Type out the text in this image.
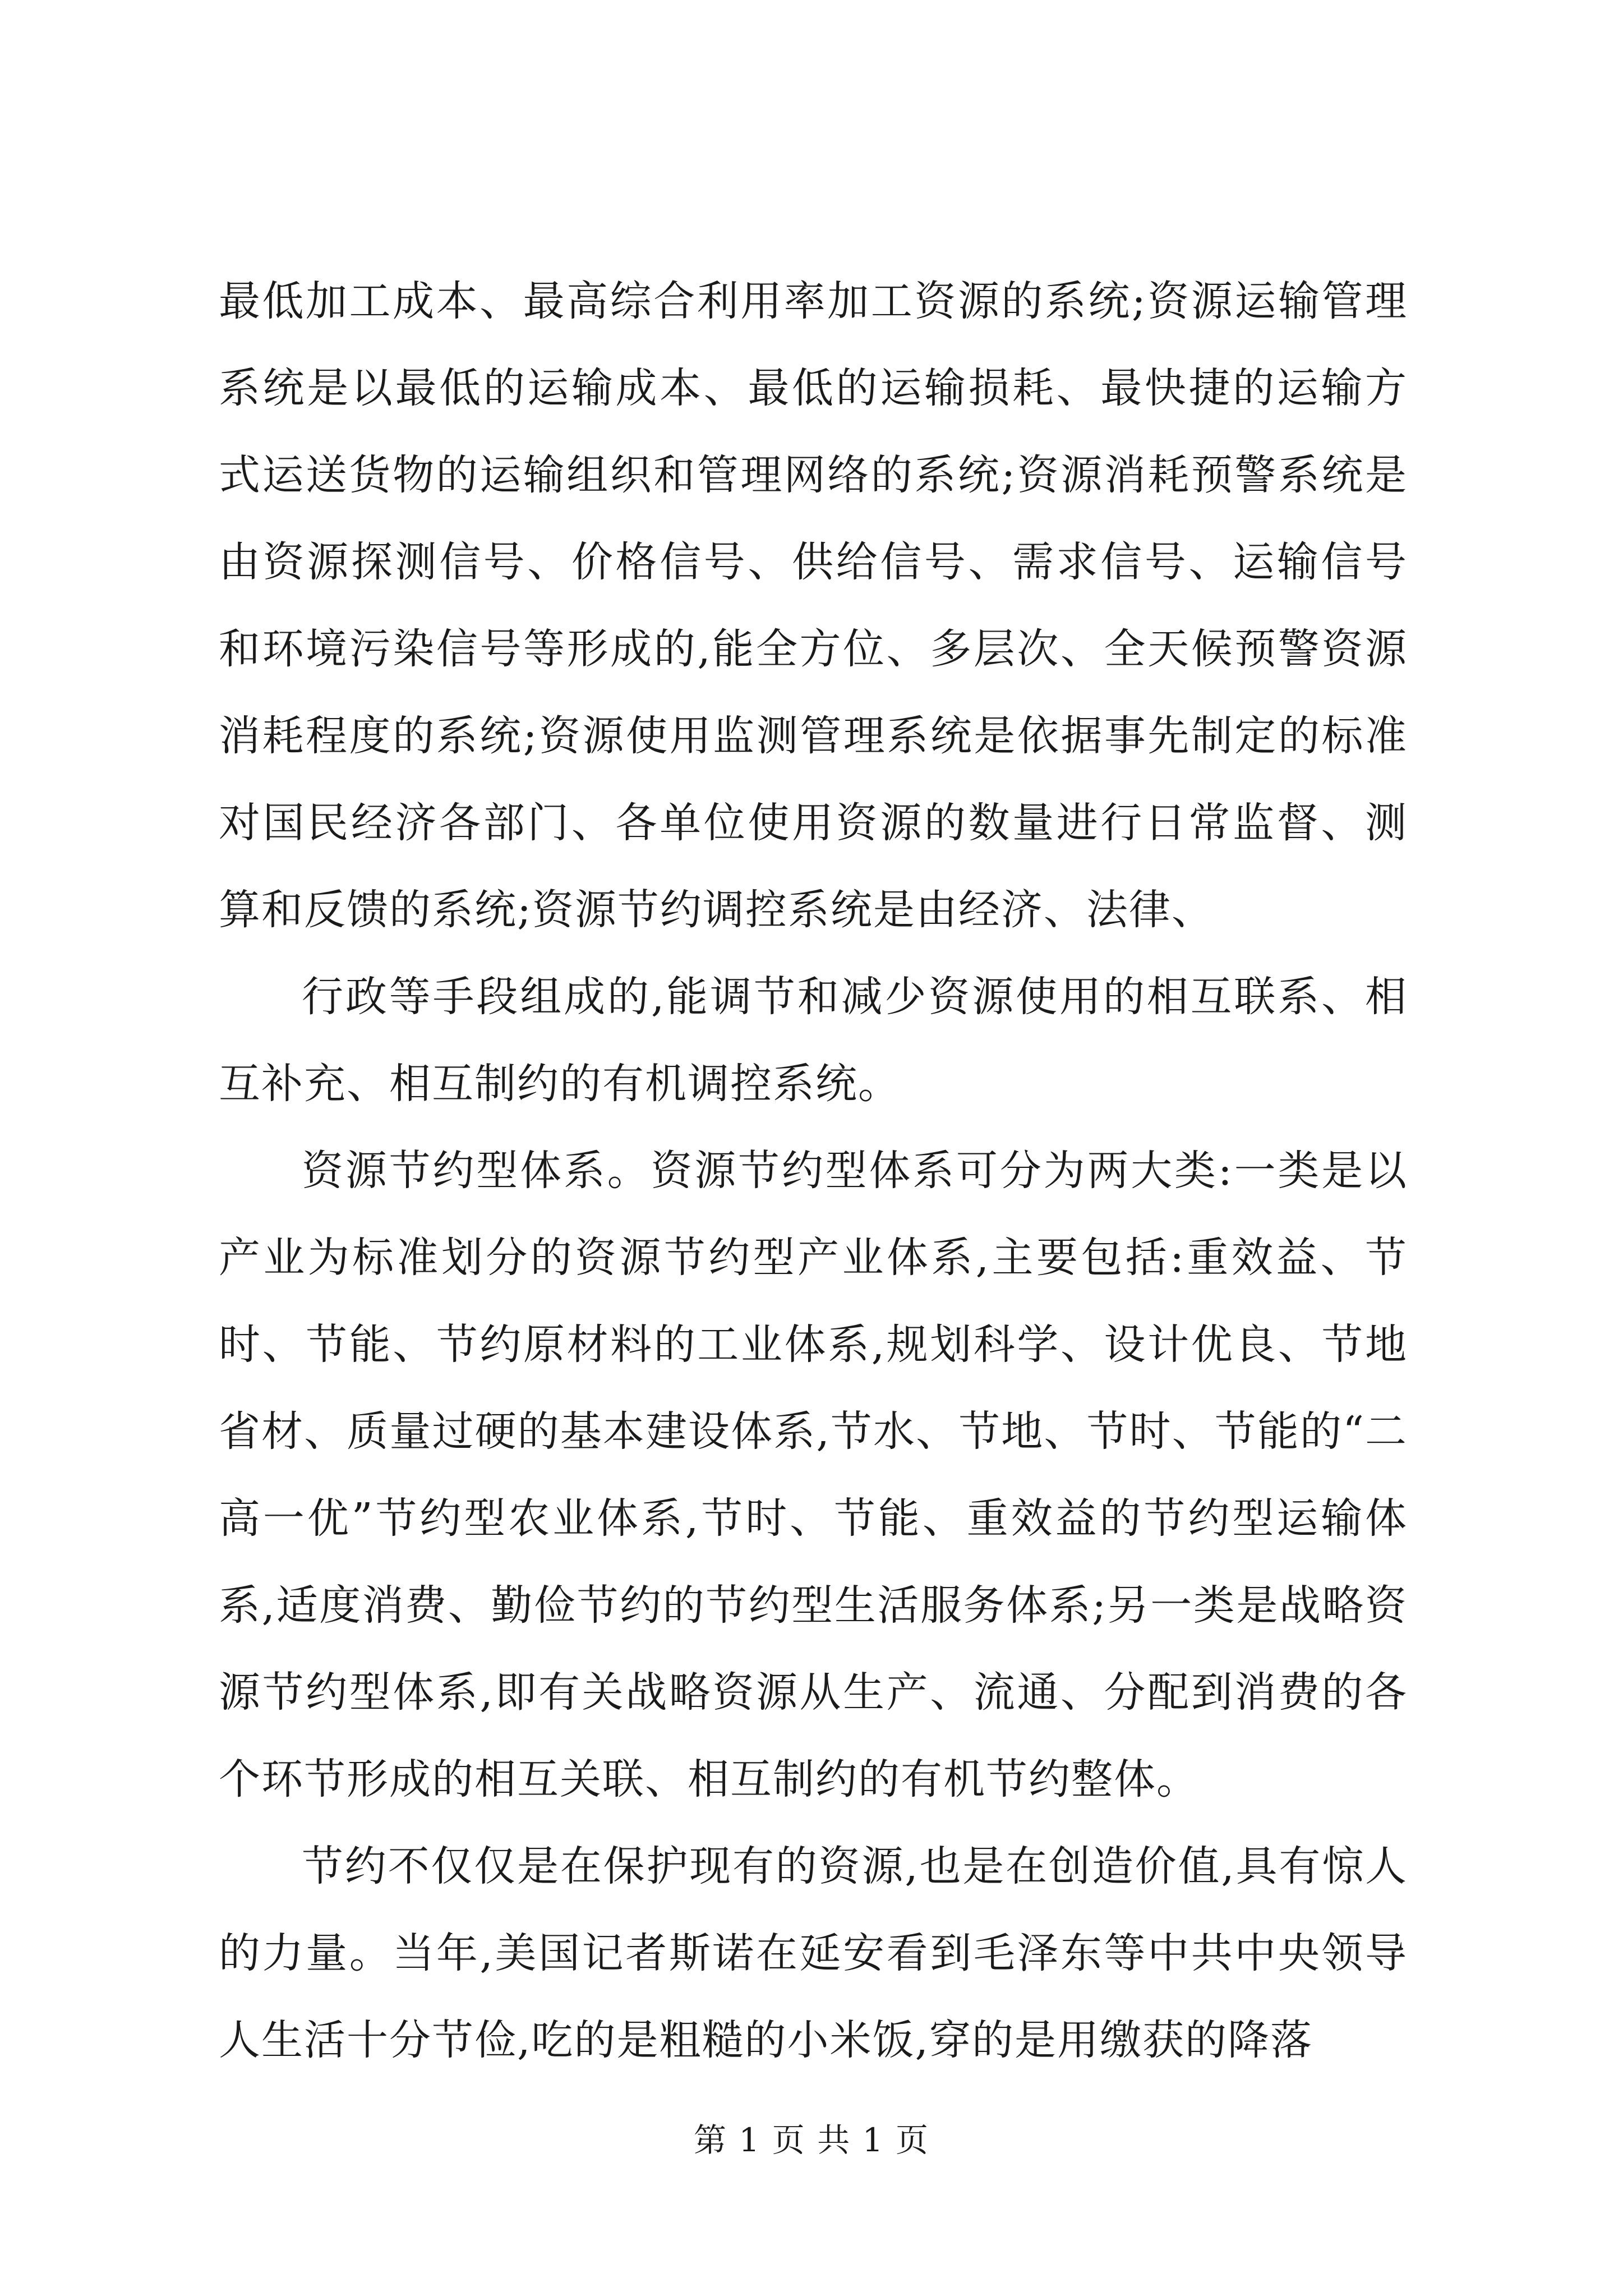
最低加工成本、最高综合利用率加工资源的系统;资源运输管理系统是以最低的运输成本、最低的运输损耗、最快捷的运输方式运送货物的运输组织和管理网络的系统;资源消耗预警系统是由资源探测信号、价格信号、供给信号、需求信号、运输信号和环境污染信号等形成的,能全方位、多层次、全天候预警资源消耗程度的系统;资源使用监测管理系统是依据事先制定的标准对国民经济各部门、各单位使用资源的数量进行日常监督、测算和反馈的系统;资源节约调控系统是由经济、法律、

行政等手段组成的,能调节和减少资源使用的相互联系、相互补充、相互制约的有机调控系统。

资源节约型体系。资源节约型体系可分为两大类:一类是以产业为标准划分的资源节约型产业体系,主要包括:重效益、节时、节能、节约原材料的工业体系,规划科学、设计优良、节地省材、质量过硬的基本建设体系,节水、节地、节时、节能的“二高一优”节约型农业体系,节时、节能、重效益的节约型运输体系,适度消费、勤俭节约的节约型生活服务体系;另一类是战略资源节约型体系,即有关战略资源从生产、流通、分配到消费的各个环节形成的相互关联、相互制约的有机节约整体。

节约不仅仅是在保护现有的资源,也是在创造价值,具有惊人的力量。当年,美国记者斯诺在延安看到毛泽东等中共中央领导人生活十分节俭,吃的是粗糙的小米饭,穿的是用缴获的降落

第 1 页 共 1 页
